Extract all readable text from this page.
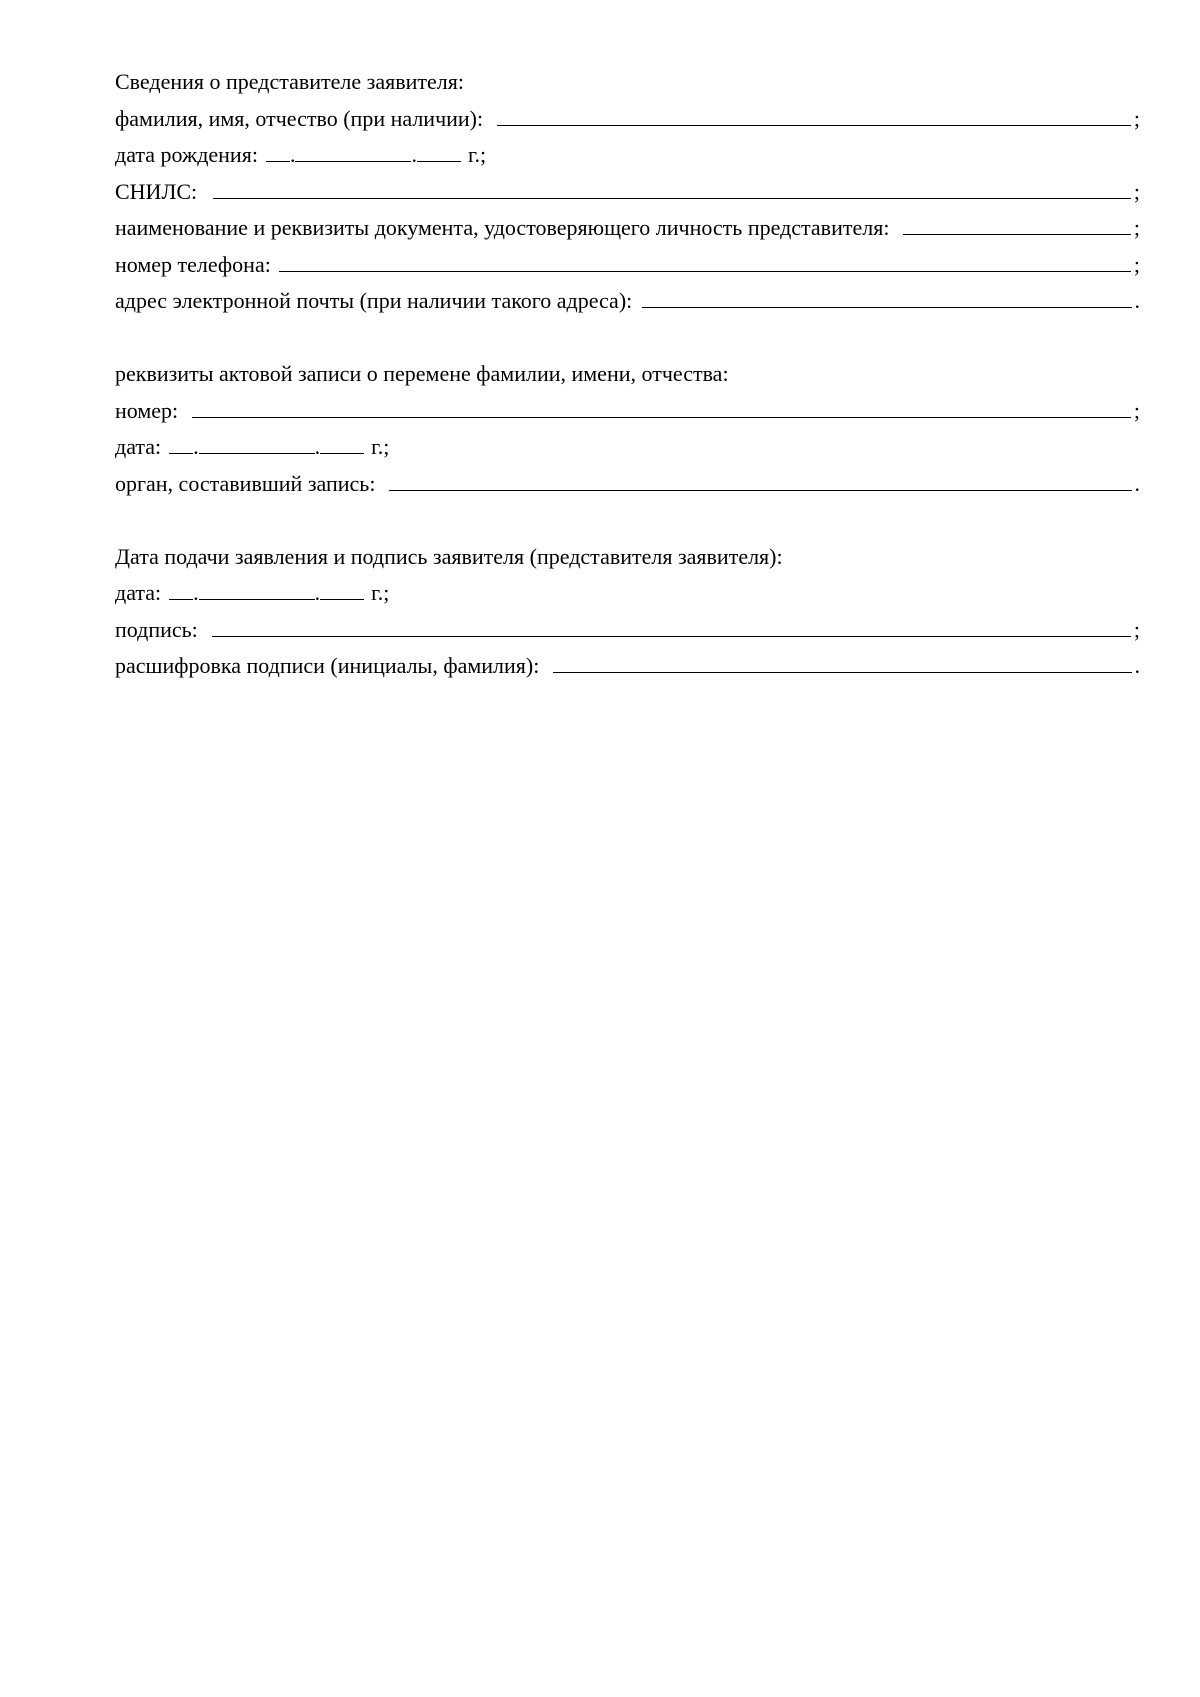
Сведения о представителе заявителя:
фамилия, имя, отчество (при наличии):	;
дата рождения: .	. г.;
СНИЛС:	;
наименование и реквизиты документа, удостоверяющего личность представителя:	;
номер телефона:	;
адрес электронной почты (при наличии такого адреса):	.
реквизиты актовой записи о перемене фамилии, имени, отчества:
номер:	;
дата: .	. г.;
орган, составивший запись:	.
Дата подачи заявления и подпись заявителя (представителя заявителя):
дата: .	. г.;
подпись:	;
расшифровка подписи (инициалы, фамилия):	.
